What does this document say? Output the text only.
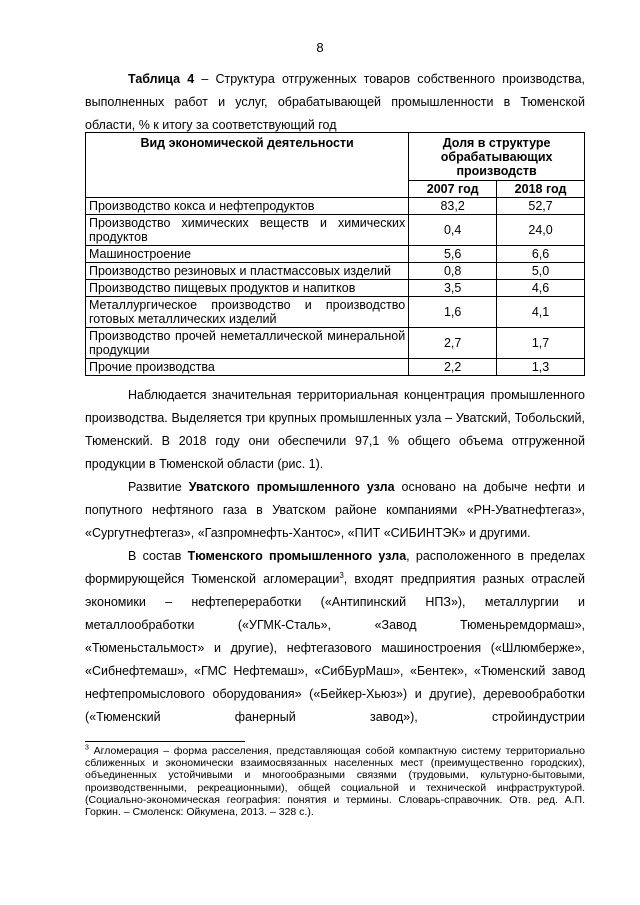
8
Таблица 4 – Структура отгруженных товаров собственного производства, выполненных работ и услуг, обрабатывающей промышленности в Тюменской области, % к итогу за соответствующий год
Вид экономической деятельности	Доля в структуре обрабатывающих производств	
	2007 год	2018 год
Производство кокса и нефтепродуктов	83,2	52,7
Производство химических веществ и химических продуктов	0,4	24,0
Машиностроение	5,6	6,6
Производство резиновых и пластмассовых изделий	0,8	5,0
Производство пищевых продуктов и напитков	3,5	4,6
Металлургическое производство и производство готовых металлических изделий	1,6	4,1
Производство прочей неметаллической минеральной продукции	2,7	1,7
Прочие производства	2,2	1,3

Наблюдается значительная территориальная концентрация промышленного производства. Выделяется три крупных промышленных узла – Уватский, Тобольский, Тюменский. В 2018 году они обеспечили 97,1 % общего объема отгруженной продукции в Тюменской области (рис. 1).

Развитие Уватского промышленного узла основано на добыче нефти и попутного нефтяного газа в Уватском районе компаниями «РН-Уватнефтегаз», «Сургутнефтегаз», «Газпромнефть-Хантос», «ПИТ «СИБИНТЭК» и другими.

В состав Тюменского промышленного узла, расположенного в пределах формирующейся Тюменской агломерации$^3$, входят предприятия разных отраслей экономики – нефтепереработки («Антипинский НПЗ»), металлургии и металлообработки («УГМК-Сталь», «Завод Тюменьремдормаш», «Тюменьстальмост» и другие), нефтегазового машиностроения («Шлюмберже», «Сибнефтемаш», «ГМС Нефтемаш», «СибБурМаш», «Бентек», «Тюменский завод нефтепромыслового оборудования» («Бейкер-Хьюз») и другие), деревообработки («Тюменский фанерный завод»), стройиндустрии

$^3$ Агломерация – форма расселения, представляющая собой компактную систему территориально сближенных и экономически взаимосвязанных населенных мест (преимущественно городских), объединенных устойчивыми и многообразными связями (трудовыми, культурно-бытовыми, производственными, рекреационными), общей социальной и технической инфраструктурой. (Социально-экономическая география: понятия и термины. Словарь-справочник. Отв. ред. А.П. Горкин. – Смоленск: Ойкумена, 2013. – 328 с.).
